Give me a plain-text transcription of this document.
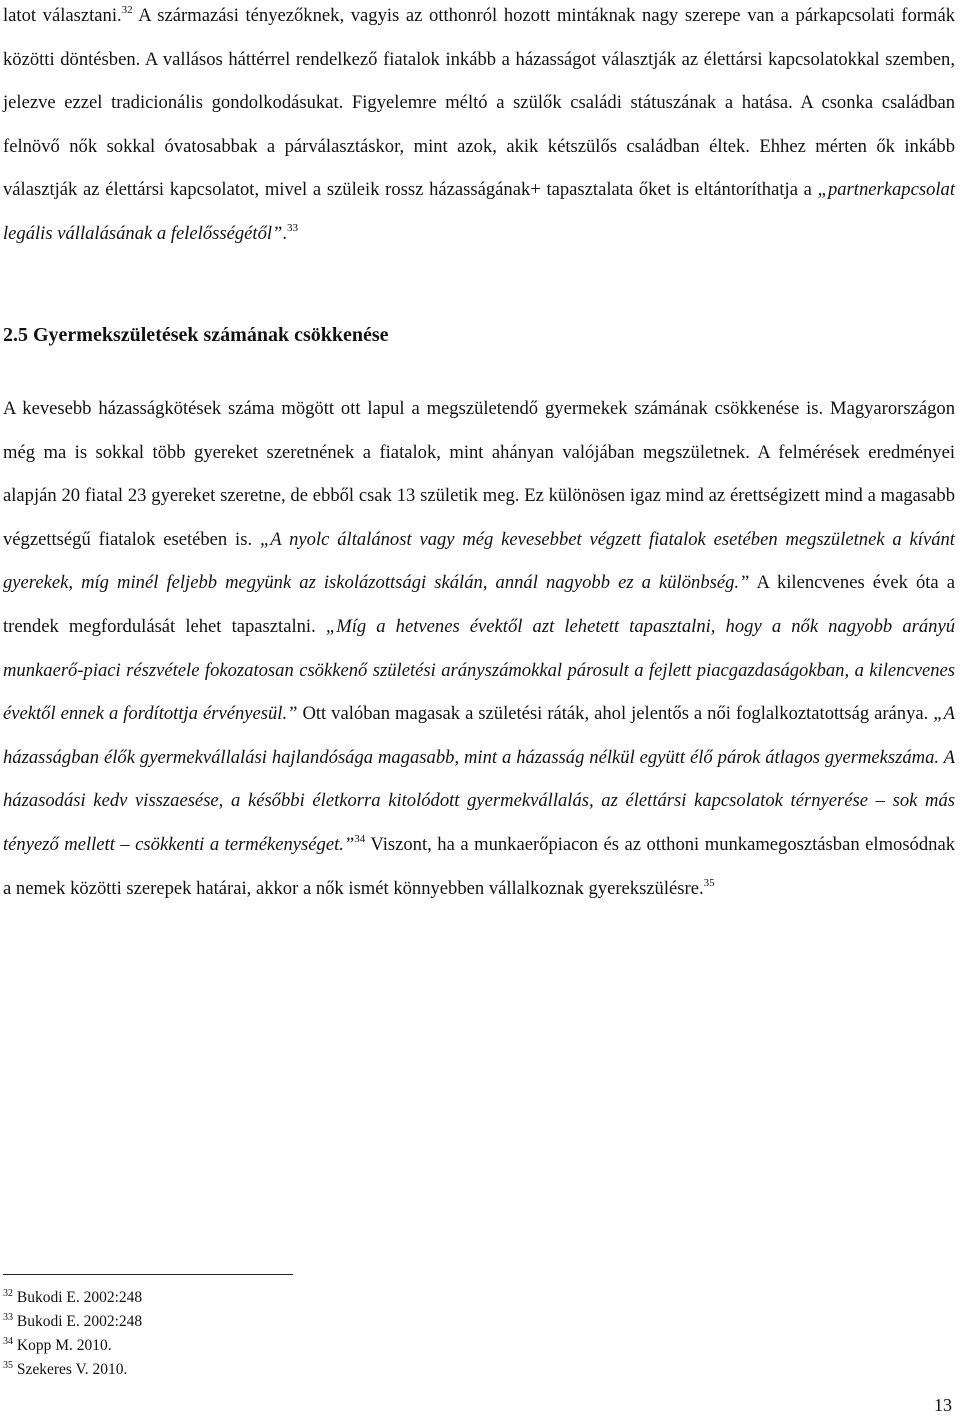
latot választani.$^{32}$ A származási tényezőknek, vagyis az otthonról hozott mintáknak nagy szerepe van a párkapcsolati formák közötti döntésben. A vallásos háttérrel rendelkező fiatalok inkább a házasságot választják az élettársi kapcsolatokkal szemben, jelezve ezzel tradicionális gondolkodásukat. Figyelemre méltó a szülők családi státuszának a hatása. A csonka családban felnövő nők sokkal óvatosabbak a párválasztáskor, mint azok, akik kétszülős családban éltek. Ehhez mérten ők inkább választják az élettársi kapcsolatot, mivel a szüleik rossz házasságának+ tapasztalata őket is eltántoríthatja a „partnerkapcsolat legális vállalásának a felelősségétől”.$^{33}$

2.5 Gyermekszületések számának csökkenése

A kevesebb házasságkötések száma mögött ott lapul a megszületendő gyermekek számának csökkenése is. Magyarországon még ma is sokkal több gyereket szeretnének a fiatalok, mint ahányan valójában megszületnek. A felmérések eredményei alapján 20 fiatal 23 gyereket szeretne, de ebből csak 13 születik meg. Ez különösen igaz mind az érettségizett mind a magasabb végzettségű fiatalok esetében is. „A nyolc általánost vagy még kevesebbet végzett fiatalok esetében megszületnek a kívánt gyerekek, míg minél feljebb megyünk az iskolázottsági skálán, annál nagyobb ez a különbség.” A kilencvenes évek óta a trendek megfordulását lehet tapasztalni. „Míg a hetvenes évektől azt lehetett tapasztalni, hogy a nők nagyobb arányú munkaerő-piaci részvétele fokozatosan csökkenő születési arányszámokkal párosult a fejlett piacgazdaságokban, a kilencvenes évektől ennek a fordítottja érvényesül.” Ott valóban magasak a születési ráták, ahol jelentős a női foglalkoztatottság aránya. „A házasságban élők gyermekvállalási hajlandósága magasabb, mint a házasság nélkül együtt élő párok átlagos gyermekszáma. A házasodási kedv visszaesése, a későbbi életkorra kitolódott gyermekvállalás, az élettársi kapcsolatok térnyerése – sok más tényező mellett – csökkenti a termékenységet.”$^{34}$ Viszont, ha a munkaerőpiacon és az otthoni munkamegosztásban elmosódnak a nemek közötti szerepek határai, akkor a nők ismét könnyebben vállalkoznak gyerekszülésre.$^{35}$

$^{32}$ Bukodi E. 2002:248
$^{33}$ Bukodi E. 2002:248
$^{34}$ Kopp M. 2010.
$^{35}$ Szekeres V. 2010.
13
